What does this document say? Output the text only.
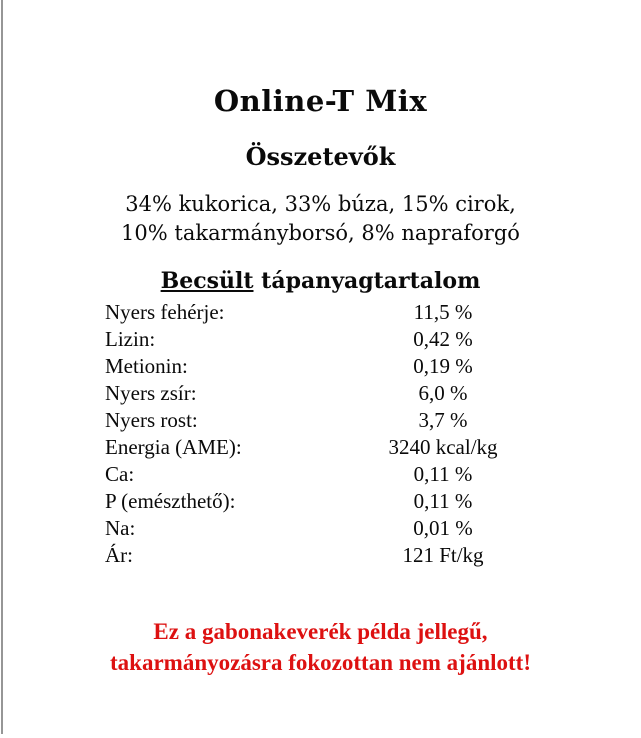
Online-T Mix
Összetevők

34% kukorica, 33% búza, 15% cirok,
10% takarmányborsó, 8% napraforgó

Becsült tápanyagtartalom
Nyers fehérje:	11,5 %
Lizin:	0,42 %
Metionin:	0,19 %
Nyers zsír:	6,0 %
Nyers rost:	3,7 %
Energia (AME):	3240 kcal/kg
Ca:	0,11 %
P (emészthető):	0,11 %
Na:	0,01 %
Ár:	121 Ft/kg

Ez a gabonakeverék példa jellegű,
takarmányozásra fokozottan nem ajánlott!
